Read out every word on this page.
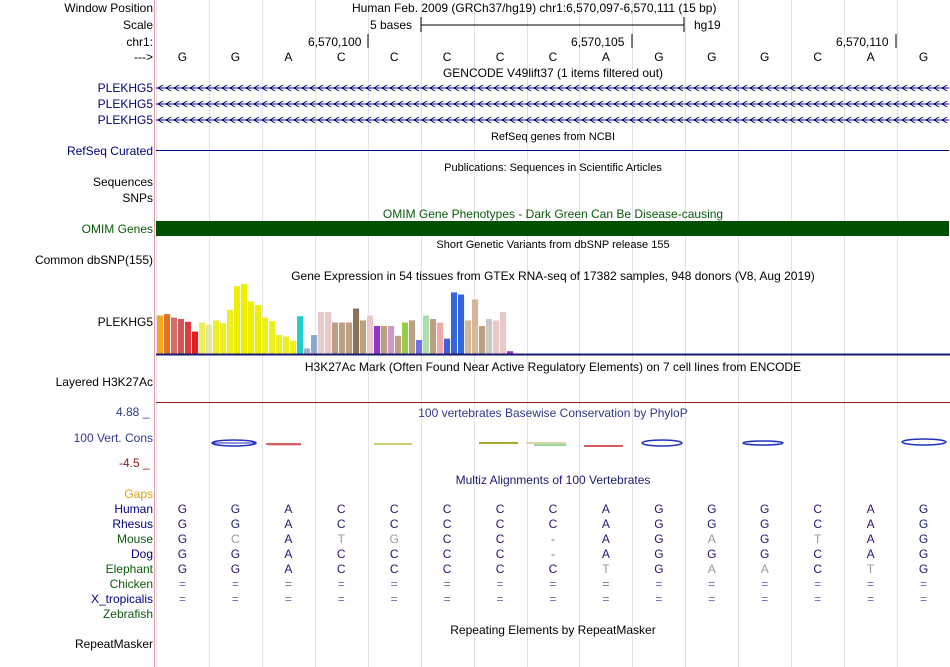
Window Position
Scale
chr1:
--->
Human Feb. 2009 (GRCh37/hg19) chr1:6,570,097-6,570,111 (15 bp)
5 bases	hg19
6,570,100	6,570,105	6,570,110
G	G	A	C	C	C	C	C	A	G	G	G	C	A	G
GENCODE V49lift37 (1 items filtered out)
PLEKHG5
PLEKHG5
PLEKHG5
RefSeq genes from NCBI
RefSeq Curated
Publications: Sequences in Scientific Articles
Sequences
SNPs
OMIM Gene Phenotypes - Dark Green Can Be Disease-causing
OMIM Genes
Short Genetic Variants from dbSNP release 155
Common dbSNP(155)
Gene Expression in 54 tissues from GTEx RNA-seq of 17382 samples, 948 donors (V8, Aug 2019)
PLEKHG5
H3K27Ac Mark (Often Found Near Active Regulatory Elements) on 7 cell lines from ENCODE
Layered H3K27Ac
4.88 _	100 vertebrates Basewise Conservation by PhyloP
100 Vert. Cons
-4.5 _
Multiz Alignments of 100 Vertebrates
Gaps
Human	G	G	A	C	C	C	C	C	A	G	G	G	C	A	G
Rhesus	G	G	A	C	C	C	C	C	A	G	G	G	C	A	G
Mouse	G	C	A	T	G	C	C	-	A	G	A	G	T	A	G
Dog	G	G	A	C	C	C	C	-	A	G	G	G	C	A	G
Elephant	G	G	A	C	C	C	C	C	T	G	A	A	C	T	G
Chicken	=	=	=	=	=	=	=	=	=	=	=	=	=	=	=
X_tropicalis	=	=	=	=	=	=	=	=	=	=	=	=	=	=	=
Zebrafish
Repeating Elements by RepeatMasker
RepeatMasker
